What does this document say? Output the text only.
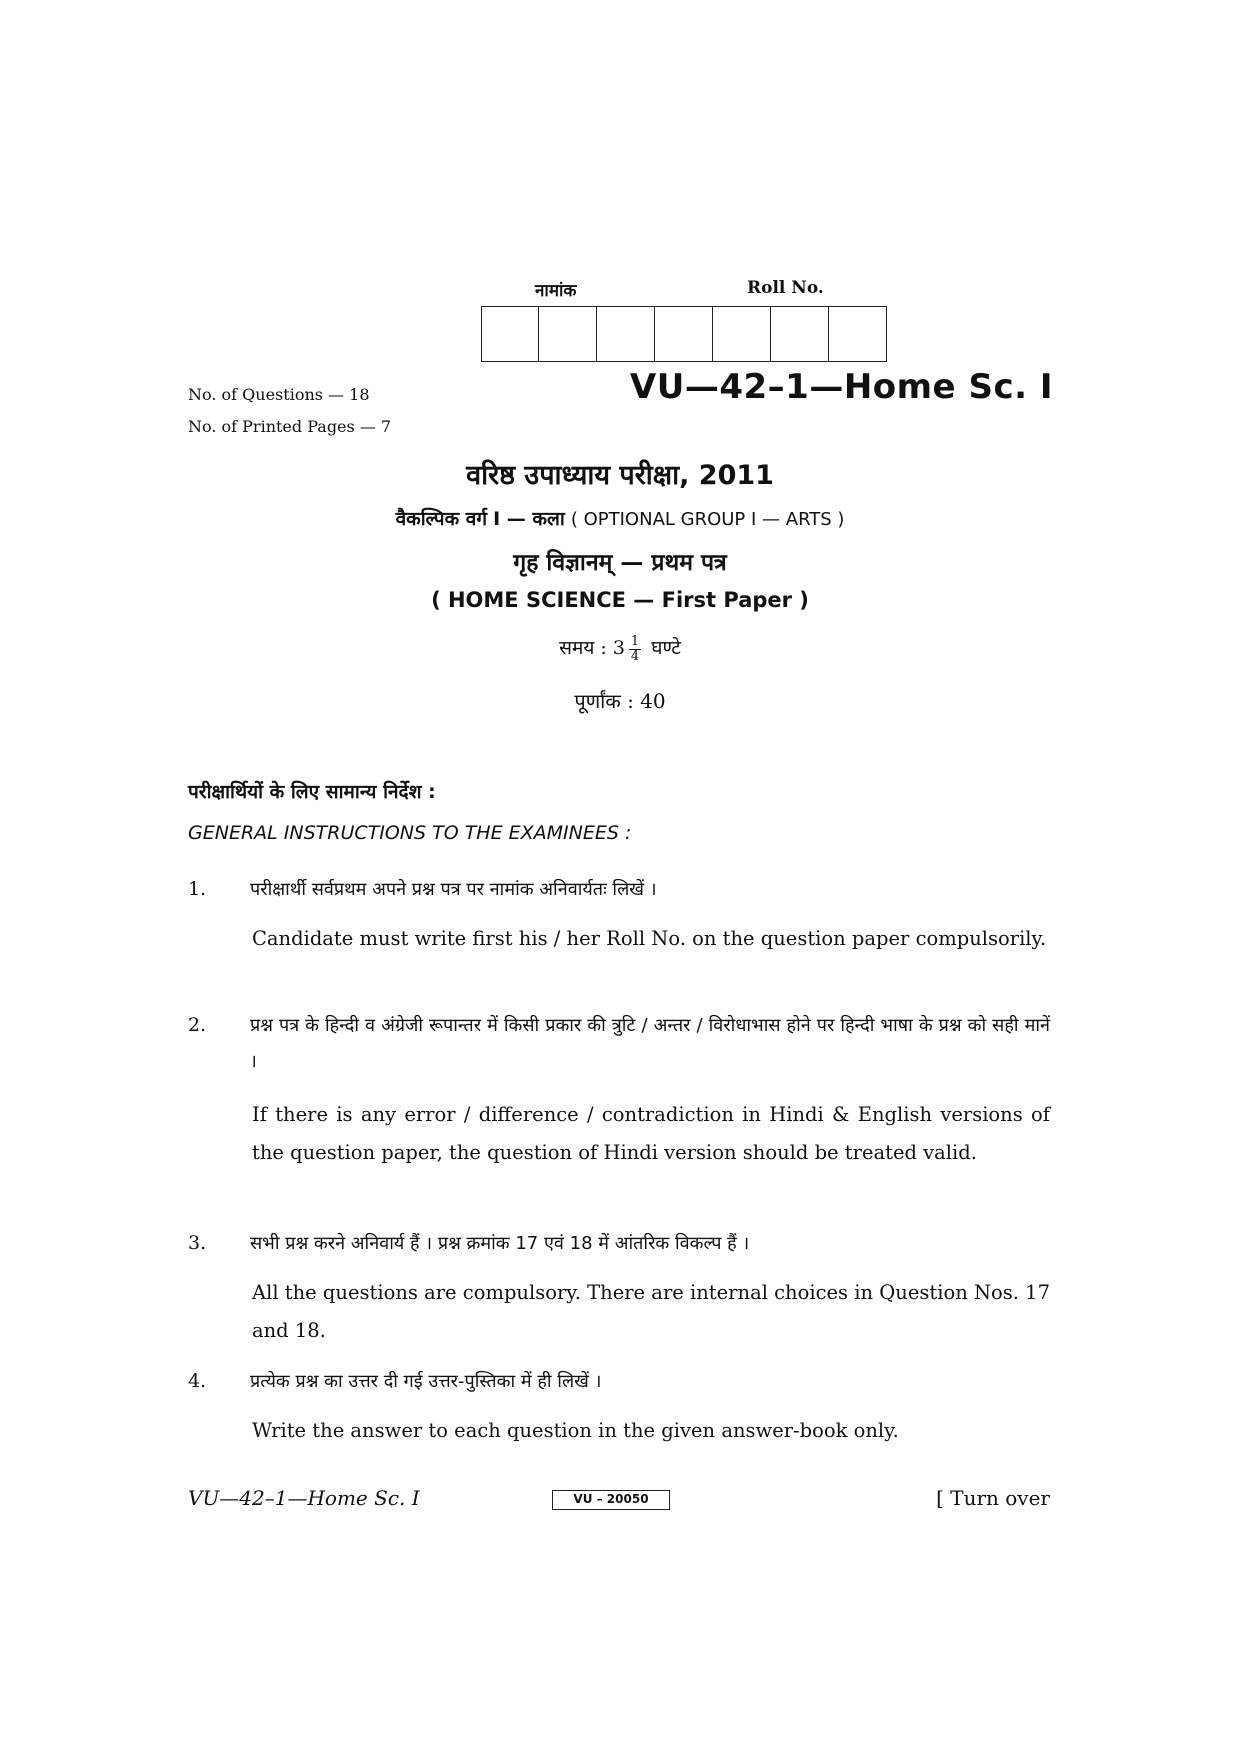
नामांक	Roll No.
No. of Questions — 18
No. of Printed Pages — 7
VU—42–1—Home Sc. I
वरिष्ठ उपाध्याय परीक्षा, 2011
वैकल्पिक वर्ग I — कला ( OPTIONAL GROUP I — ARTS )
गृह विज्ञानम् — प्रथम पत्र
( HOME SCIENCE — First Paper )
समय : $3 \frac{1}{4}$ घण्टे
पूर्णांक : 40
परीक्षार्थियों के लिए सामान्य निर्देश :
GENERAL INSTRUCTIONS TO THE EXAMINEES :
1. परीक्षार्थी सर्वप्रथम अपने प्रश्न पत्र पर नामांक अनिवार्यतः लिखें ।
Candidate must write first his / her Roll No. on the question paper compulsorily.
2. प्रश्न पत्र के हिन्दी व अंग्रेजी रूपान्तर में किसी प्रकार की त्रुटि / अन्तर / विरोधाभास होने पर हिन्दी भाषा के प्रश्न को सही मानें ।
If there is any error / difference / contradiction in Hindi & English versions of the question paper, the question of Hindi version should be treated valid.
3. सभी प्रश्न करने अनिवार्य हैं । प्रश्न क्रमांक 17 एवं 18 में आंतरिक विकल्प हैं ।
All the questions are compulsory. There are internal choices in Question Nos. 17 and 18.
4. प्रत्येक प्रश्न का उत्तर दी गई उत्तर-पुस्तिका में ही लिखें ।
Write the answer to each question in the given answer-book only.
VU—42–1—Home Sc. I	VU – 20050	[ Turn over
